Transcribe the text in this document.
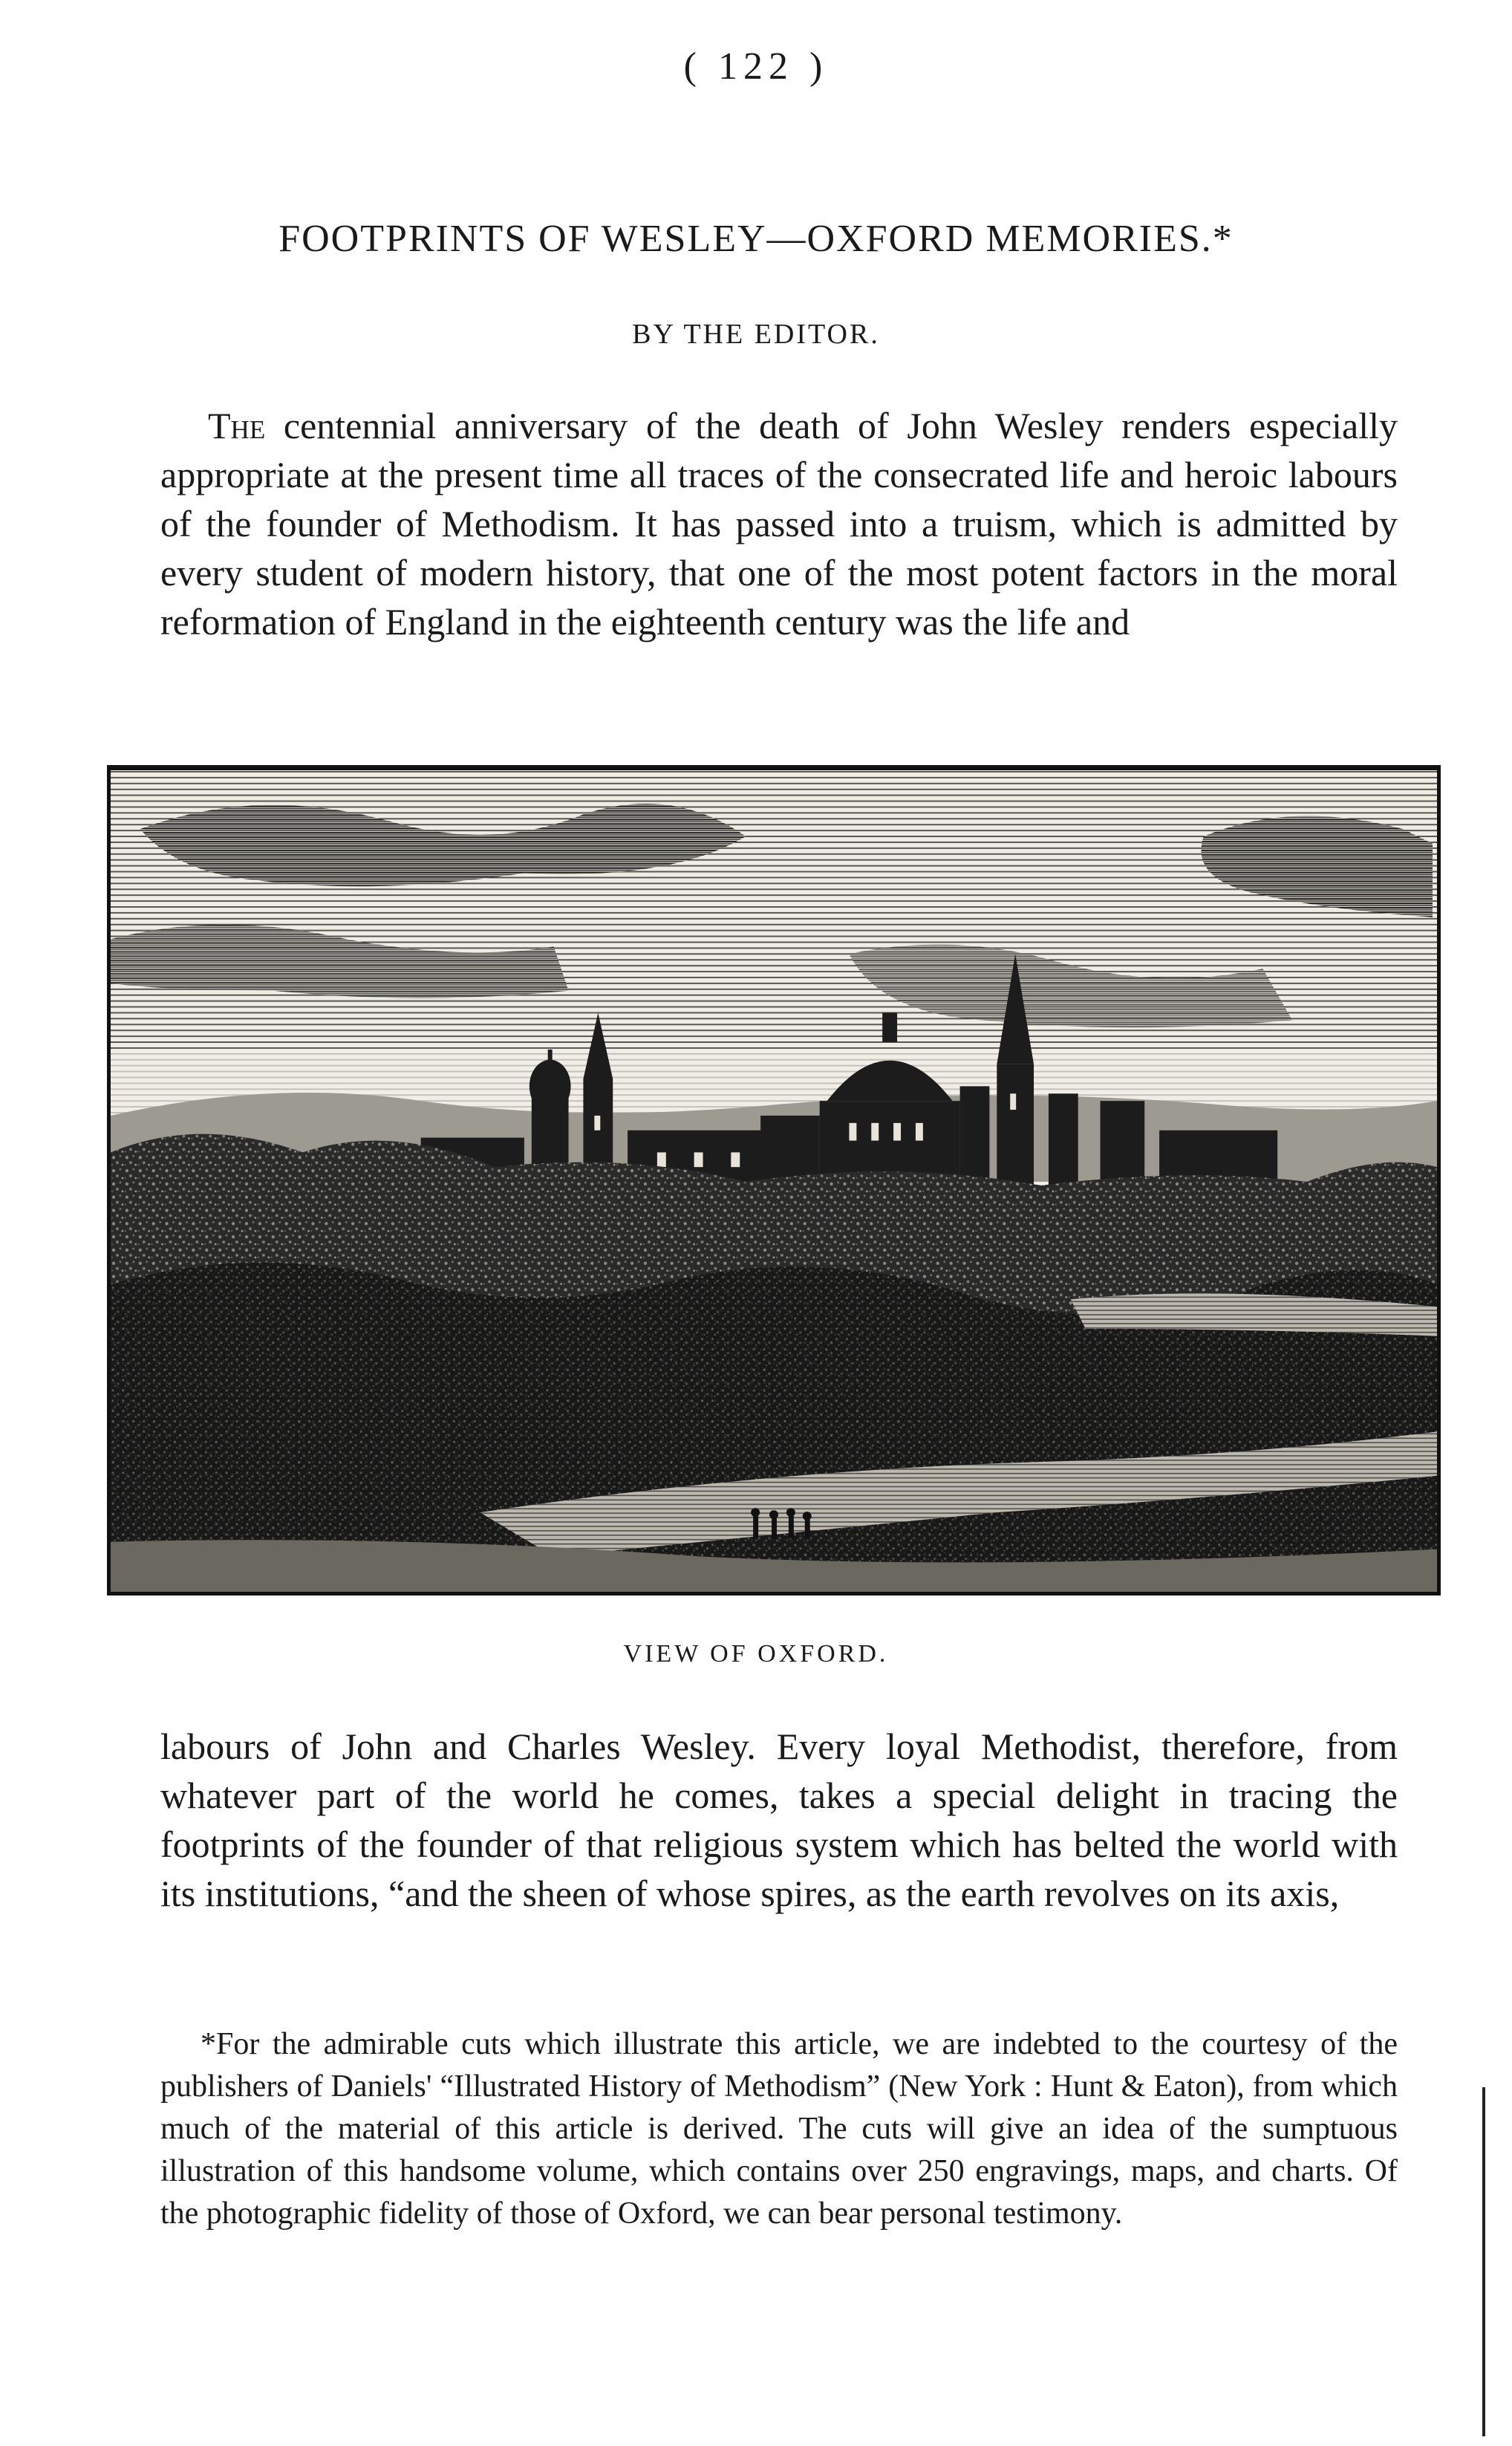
( 122 )
FOOTPRINTS OF WESLEY—OXFORD MEMORIES.*
BY THE EDITOR.

The centennial anniversary of the death of John Wesley renders especially appropriate at the present time all traces of the consecrated life and heroic labours of the founder of Methodism. It has passed into a truism, which is admitted by every student of modern history, that one of the most potent factors in the moral reformation of England in the eighteenth century was the life and

VIEW OF OXFORD.

labours of John and Charles Wesley. Every loyal Methodist, therefore, from whatever part of the world he comes, takes a special delight in tracing the footprints of the founder of that religious system which has belted the world with its institutions, “and the sheen of whose spires, as the earth revolves on its axis,

*For the admirable cuts which illustrate this article, we are indebted to the courtesy of the publishers of Daniels' “Illustrated History of Methodism” (New York : Hunt & Eaton), from which much of the material of this article is derived. The cuts will give an idea of the sumptuous illustration of this handsome volume, which contains over 250 engravings, maps, and charts. Of the photographic fidelity of those of Oxford, we can bear personal testimony.
